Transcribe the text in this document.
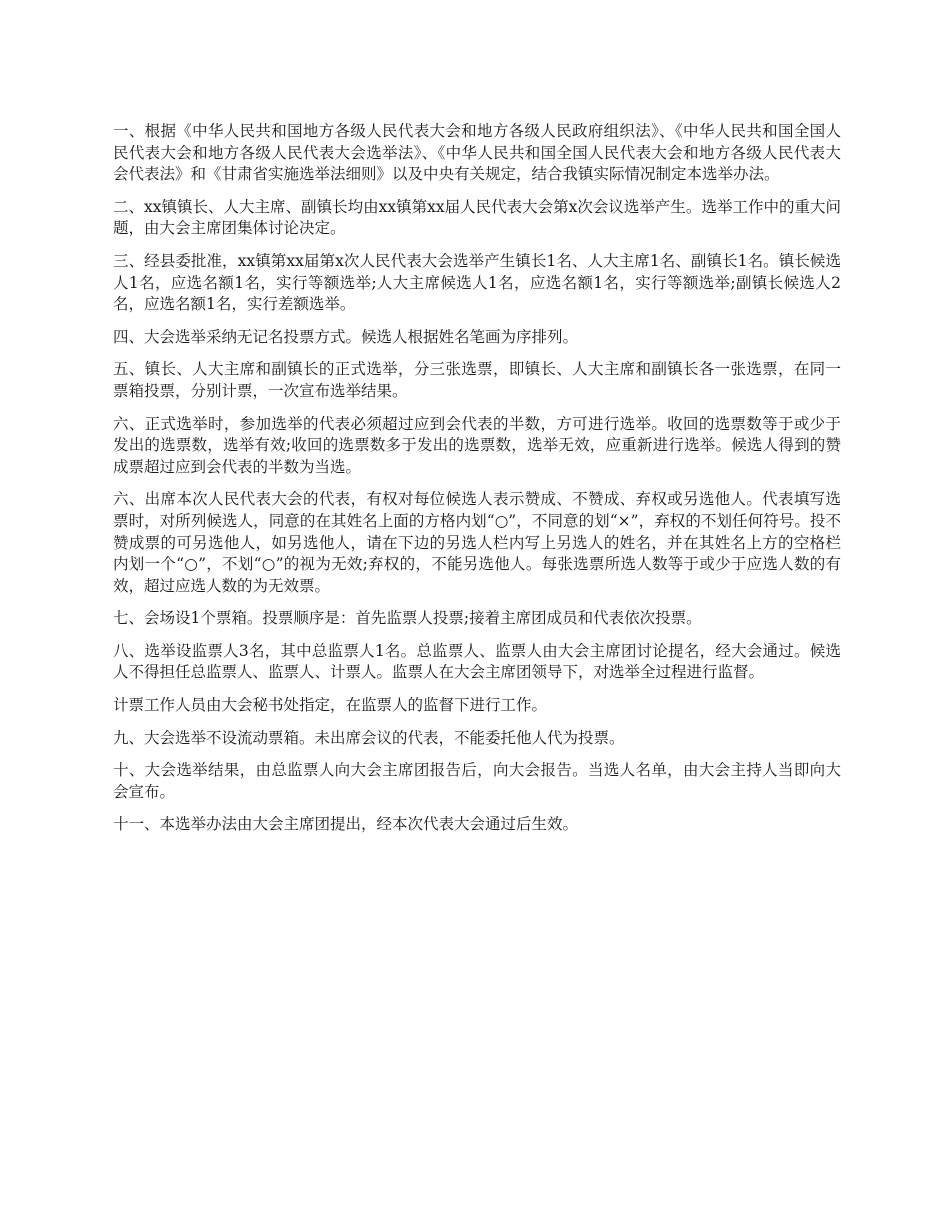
一、根据《中华人民共和国地方各级人民代表大会和地方各级人民政府组织法》、《中华人民共和国全国人民代表大会和地方各级人民代表大会选举法》、《中华人民共和国全国人民代表大会和地方各级人民代表大会代表法》和《甘肃省实施选举法细则》以及中央有关规定，结合我镇实际情况制定本选举办法。

二、xx镇镇长、人大主席、副镇长均由xx镇第xx届人民代表大会第x次会议选举产生。选举工作中的重大问题，由大会主席团集体讨论决定。

三、经县委批准，xx镇第xx届第x次人民代表大会选举产生镇长1名、人大主席1名、副镇长1名。镇长候选人1名，应选名额1名，实行等额选举;人大主席候选人1名，应选名额1名，实行等额选举;副镇长候选人2名，应选名额1名，实行差额选举。

四、大会选举采纳无记名投票方式。候选人根据姓名笔画为序排列。

五、镇长、人大主席和副镇长的正式选举，分三张选票，即镇长、人大主席和副镇长各一张选票，在同一票箱投票，分别计票，一次宣布选举结果。

六、正式选举时，参加选举的代表必须超过应到会代表的半数，方可进行选举。收回的选票数等于或少于发出的选票数，选举有效;收回的选票数多于发出的选票数，选举无效，应重新进行选举。候选人得到的赞成票超过应到会代表的半数为当选。

六、出席本次人民代表大会的代表，有权对每位候选人表示赞成、不赞成、弃权或另选他人。代表填写选票时，对所列候选人，同意的在其姓名上面的方格内划“○”，不同意的划“×”，弃权的不划任何符号。投不赞成票的可另选他人，如另选他人，请在下边的另选人栏内写上另选人的姓名，并在其姓名上方的空格栏内划一个“○”，不划“○”的视为无效;弃权的，不能另选他人。每张选票所选人数等于或少于应选人数的有效，超过应选人数的为无效票。

七、会场设1个票箱。投票顺序是：首先监票人投票;接着主席团成员和代表依次投票。

八、选举设监票人3名，其中总监票人1名。总监票人、监票人由大会主席团讨论提名，经大会通过。候选人不得担任总监票人、监票人、计票人。监票人在大会主席团领导下，对选举全过程进行监督。

计票工作人员由大会秘书处指定，在监票人的监督下进行工作。

九、大会选举不设流动票箱。未出席会议的代表，不能委托他人代为投票。

十、大会选举结果，由总监票人向大会主席团报告后，向大会报告。当选人名单，由大会主持人当即向大会宣布。

十一、本选举办法由大会主席团提出，经本次代表大会通过后生效。
